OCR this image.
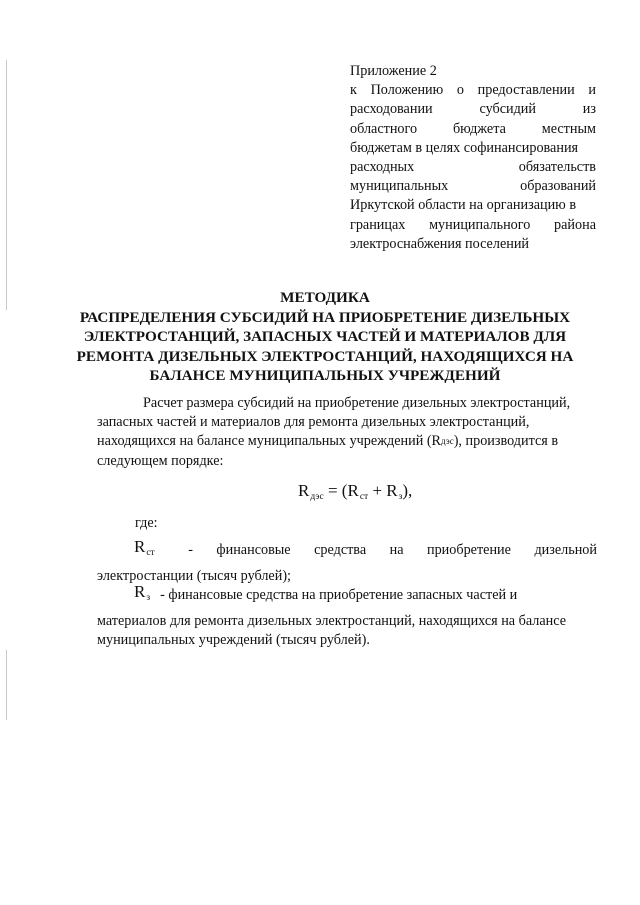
Приложение 2
к Положению о предоставлении и
расходовании	субсидий	из
областного	бюджета	местным
бюджетам в целях софинансирования
расходных	обязательств
муниципальных	образований
Иркутской области на организацию в
границах муниципального района
электроснабжения поселений
МЕТОДИКА
РАСПРЕДЕЛЕНИЯ СУБСИДИЙ НА ПРИОБРЕТЕНИЕ ДИЗЕЛЬНЫХ
ЭЛЕКТРОСТАНЦИЙ, ЗАПАСНЫХ ЧАСТЕЙ И МАТЕРИАЛОВ ДЛЯ
РЕМОНТА ДИЗЕЛЬНЫХ ЭЛЕКТРОСТАНЦИЙ, НАХОДЯЩИХСЯ НА
БАЛАНСЕ МУНИЦИПАЛЬНЫХ УЧРЕЖДЕНИЙ
Расчет размера субсидий на приобретение дизельных электростанций,
запасных частей и материалов для ремонта дизельных электростанций,
находящихся на балансе муниципальных учреждений (R дэс ), производится в
следующем порядке:
$R_{дэс} = (R_{ст} + R_з)$,
где:
$R_{ст}$ - финансовые средства на приобретение дизельной
электростанции (тысяч рублей);
$R_з$ - финансовые средства на приобретение запасных частей и
материалов для ремонта дизельных электростанций, находящихся на балансе
муниципальных учреждений (тысяч рублей).
